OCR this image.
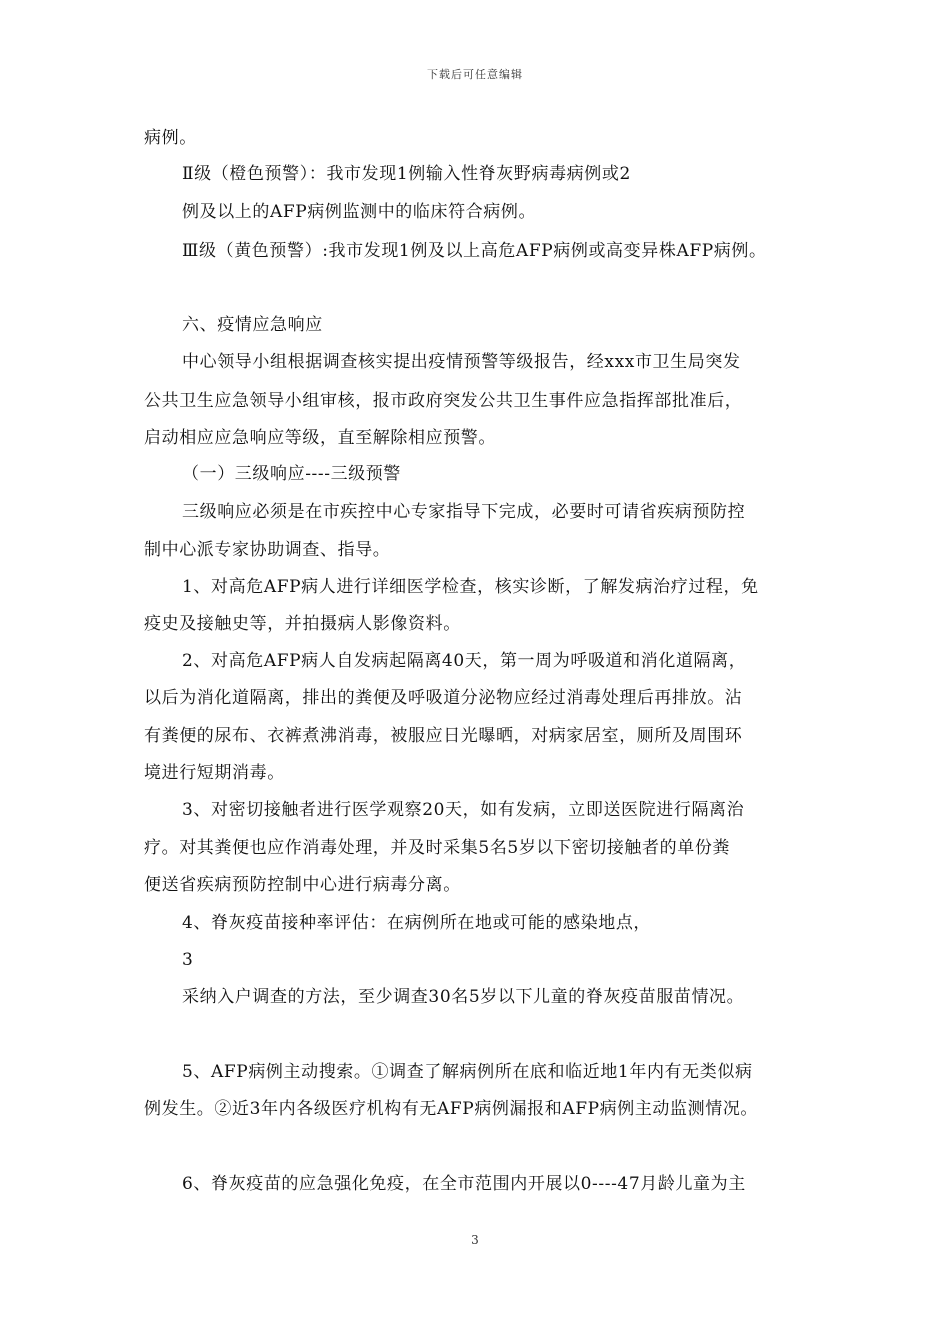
下载后可任意编辑
病例。
Ⅱ级（橙色预警）：我市发现1例输入性脊灰野病毒病例或2
例及以上的AFP病例监测中的临床符合病例。
Ⅲ级（黄色预警）:我市发现1例及以上高危AFP病例或高变异株AFP病例。
六、疫情应急响应
中心领导小组根据调查核实提出疫情预警等级报告，经xxx市卫生局突发
公共卫生应急领导小组审核，报市政府突发公共卫生事件应急指挥部批准后，
启动相应应急响应等级，直至解除相应预警。
（一）三级响应----三级预警
三级响应必须是在市疾控中心专家指导下完成，必要时可请省疾病预防控
制中心派专家协助调查、指导。
1、对高危AFP病人进行详细医学检查，核实诊断，了解发病治疗过程，免
疫史及接触史等，并拍摄病人影像资料。
2、对高危AFP病人自发病起隔离40天，第一周为呼吸道和消化道隔离，
以后为消化道隔离，排出的粪便及呼吸道分泌物应经过消毒处理后再排放。沾
有粪便的尿布、衣裤煮沸消毒，被服应日光曝晒，对病家居室，厕所及周围环
境进行短期消毒。
3、对密切接触者进行医学观察20天，如有发病，立即送医院进行隔离治
疗。对其粪便也应作消毒处理，并及时采集5名5岁以下密切接触者的单份粪
便送省疾病预防控制中心进行病毒分离。
4、脊灰疫苗接种率评估：在病例所在地或可能的感染地点，
3
采纳入户调查的方法，至少调查30名5岁以下儿童的脊灰疫苗服苗情况。
5、AFP病例主动搜索。①调查了解病例所在底和临近地1年内有无类似病
例发生。②近3年内各级医疗机构有无AFP病例漏报和AFP病例主动监测情况。
6、脊灰疫苗的应急强化免疫，在全市范围内开展以0----47月龄儿童为主
3
